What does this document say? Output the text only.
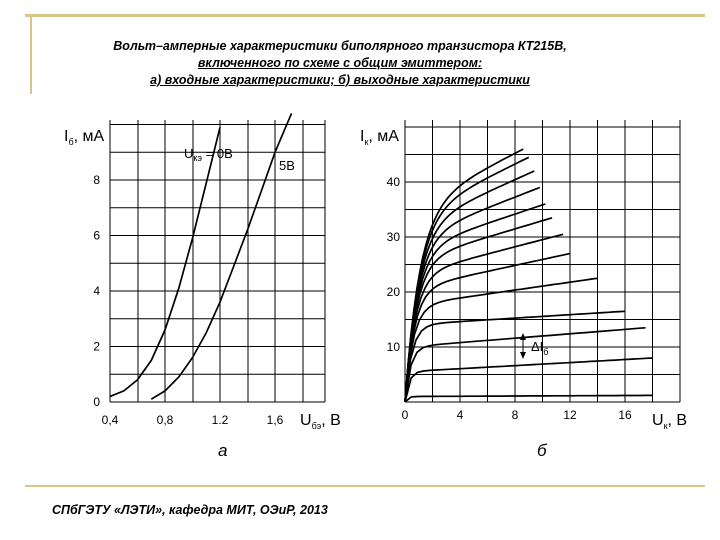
Вольт–амперные характеристики биполярного транзистора КТ215В,
включенного по схеме с общим эмиттером:
а) входные характеристики; б) выходные характеристики
0,4	0,8	1.2	1,6
0
2
4
6
8
$I_б$, мА
$U_{бэ}$, В
$U_{кэ} = 0В$
5В
а
0	4	8	12	16
10
20
30
40
$I_к$, мА
$U_к$, В
$\Delta I_б$
б
СПбГЭТУ «ЛЭТИ», кафедра МИТ, ОЭиР, 2013
